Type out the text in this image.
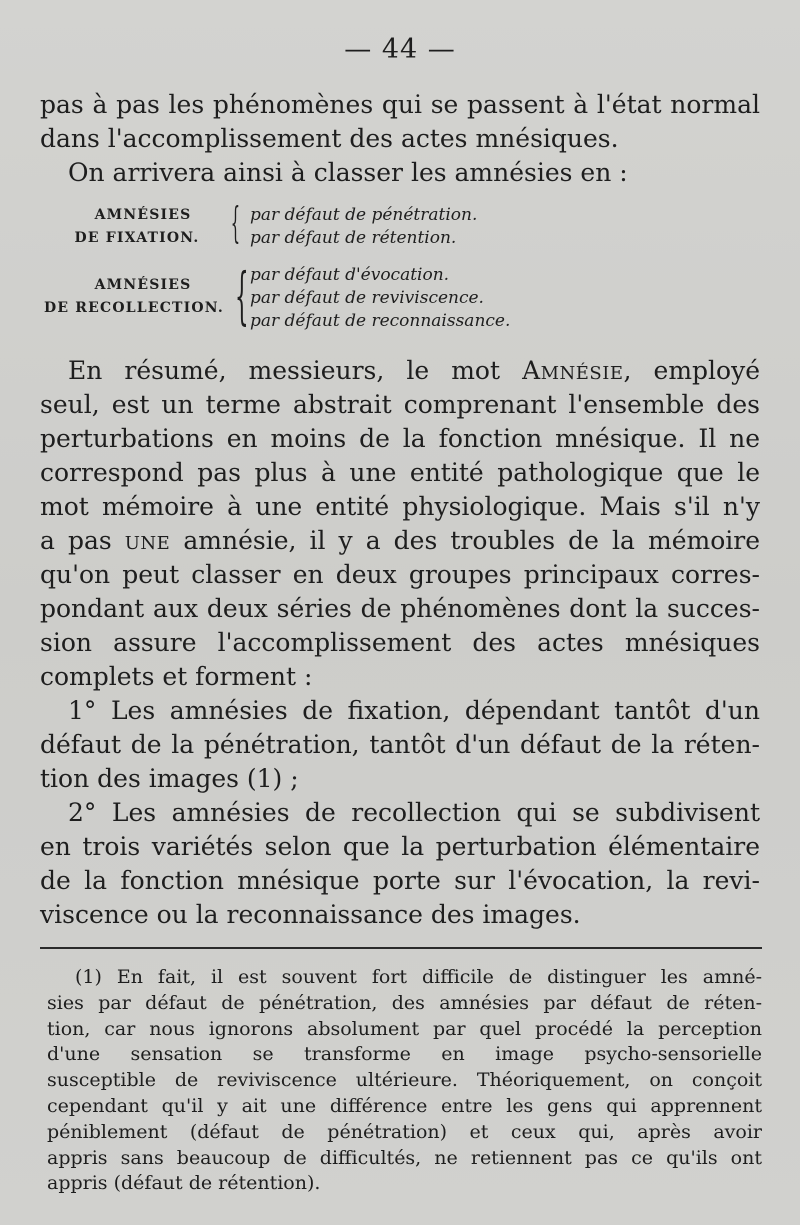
— 44 —
pas à pas les phénomènes qui se passent à l'état normal
dans l'accomplissement des actes mnésiques.
On arrivera ainsi à classer les amnésies en :
AMNÉSIES
DE FIXATION. { par défaut de pénétration.
par défaut de rétention.
AMNÉSIES
DE RECOLLECTION. { par défaut d'évocation.
par défaut de reviviscence.
par défaut de reconnaissance.
En résumé, messieurs, le mot Amnésie, employé
seul, est un terme abstrait comprenant l'ensemble des
perturbations en moins de la fonction mnésique. Il ne
correspond pas plus à une entité pathologique que le
mot mémoire à une entité physiologique. Mais s'il n'y
a pas une amnésie, il y a des troubles de la mémoire
qu'on peut classer en deux groupes principaux corres-
pondant aux deux séries de phénomènes dont la succes-
sion assure l'accomplissement des actes mnésiques
complets et forment :
1° Les amnésies de fixation, dépendant tantôt d'un
défaut de la pénétration, tantôt d'un défaut de la réten-
tion des images (1) ;
2° Les amnésies de recollection qui se subdivisent
en trois variétés selon que la perturbation élémentaire
de la fonction mnésique porte sur l'évocation, la revi-
viscence ou la reconnaissance des images.
(1) En fait, il est souvent fort difficile de distinguer les amné-
sies par défaut de pénétration, des amnésies par défaut de réten-
tion, car nous ignorons absolument par quel procédé la perception
d'une sensation se transforme en image psycho-sensorielle
susceptible de reviviscence ultérieure. Théoriquement, on conçoit
cependant qu'il y ait une différence entre les gens qui apprennent
péniblement (défaut de pénétration) et ceux qui, après avoir
appris sans beaucoup de difficultés, ne retiennent pas ce qu'ils ont
appris (défaut de rétention).
